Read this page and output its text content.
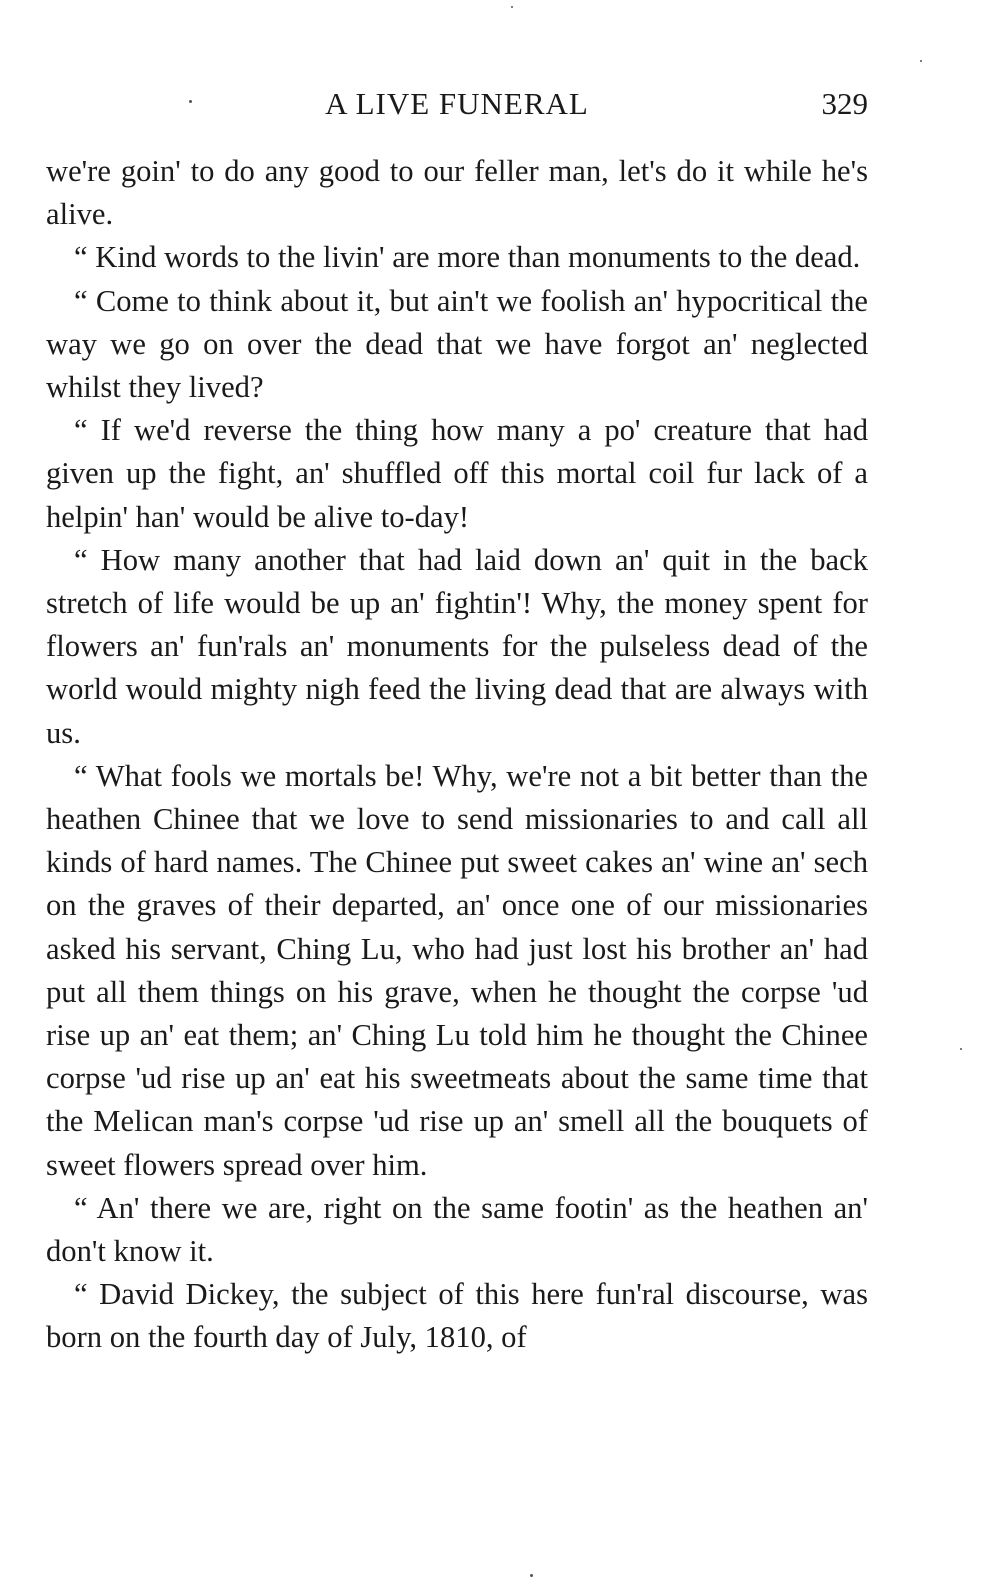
A LIVE FUNERAL	329

we're goin' to do any good to our feller man, let's do it while he's alive.

“ Kind words to the livin' are more than monuments to the dead.

“ Come to think about it, but ain't we foolish an' hypocritical the way we go on over the dead that we have forgot an' neglected whilst they lived?

“ If we'd reverse the thing how many a po' creature that had given up the fight, an' shuffled off this mortal coil fur lack of a helpin' han' would be alive to-day!

“ How many another that had laid down an' quit in the back stretch of life would be up an' fightin'! Why, the money spent for flowers an' fun'rals an' monuments for the pulseless dead of the world would mighty nigh feed the living dead that are always with us.

“ What fools we mortals be! Why, we're not a bit better than the heathen Chinee that we love to send missionaries to and call all kinds of hard names. The Chinee put sweet cakes an' wine an' sech on the graves of their departed, an' once one of our missionaries asked his servant, Ching Lu, who had just lost his brother an' had put all them things on his grave, when he thought the corpse 'ud rise up an' eat them; an' Ching Lu told him he thought the Chinee corpse 'ud rise up an' eat his sweetmeats about the same time that the Melican man's corpse 'ud rise up an' smell all the bouquets of sweet flowers spread over him.

“ An' there we are, right on the same footin' as the heathen an' don't know it.

“ David Dickey, the subject of this here fun'ral discourse, was born on the fourth day of July, 1810, of
